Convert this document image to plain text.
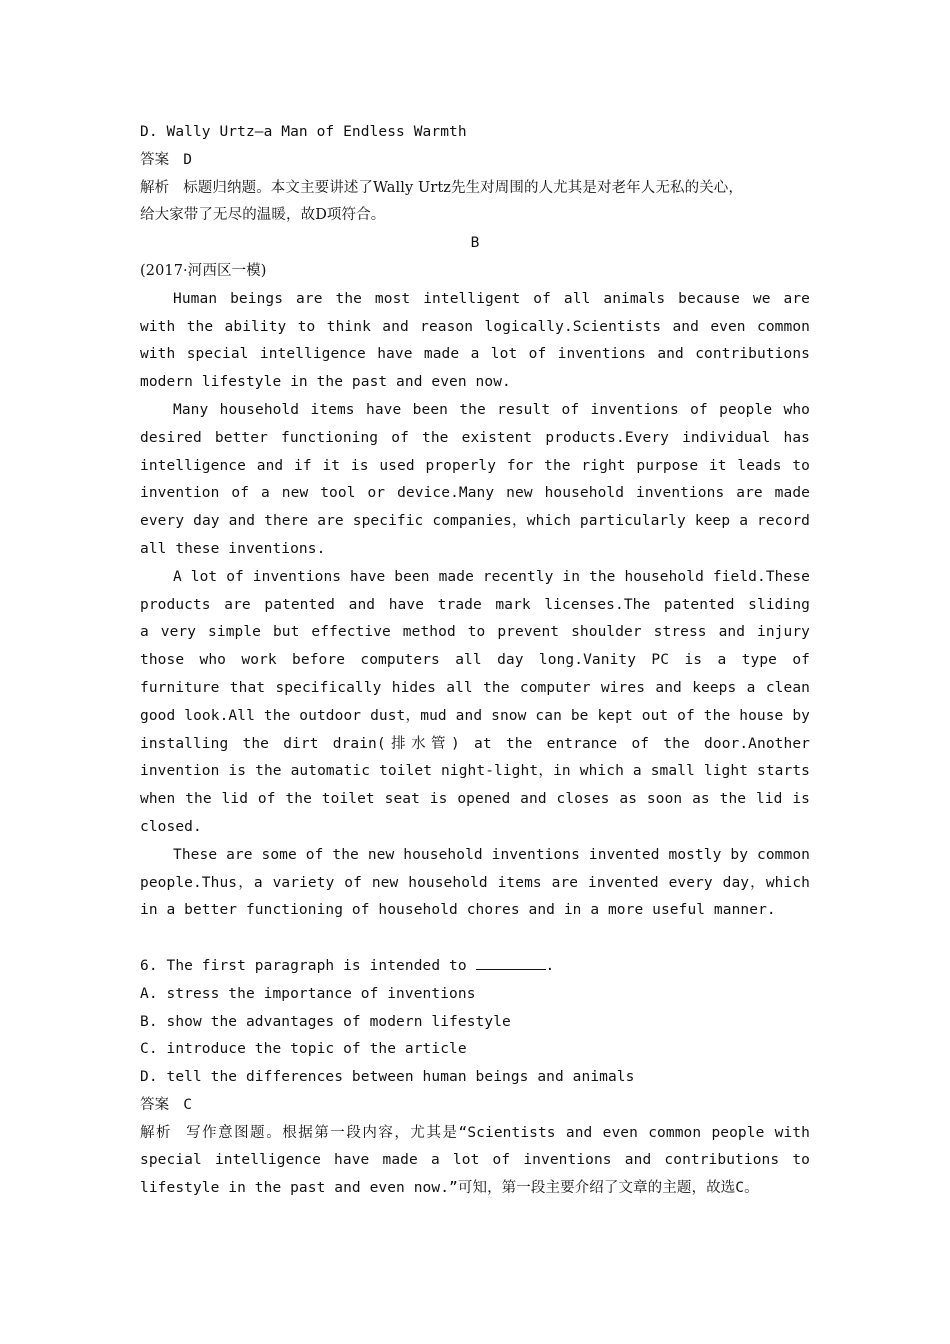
D. Wally Urtz—a Man of Endless Warmth
答案 D
解析 标题归纳题。本文主要讲述了Wally Urtz先生对周围的人尤其是对老年人无私的关心，
给大家带了无尽的温暖，故D项符合。
B
(2017·河西区一模)
Human beings are the most intelligent of all animals because we are
with the ability to think and reason logically.Scientists and even common
with special intelligence have made a lot of inventions and contributions
modern lifestyle in the past and even now.
Many household items have been the result of inventions of people who
desired better functioning of the existent products.Every individual has
intelligence and if it is used properly for the right purpose it leads to
invention of a new tool or device.Many new household inventions are made
every day and there are specific companies，which particularly keep a record
all these inventions.
A lot of inventions have been made recently in the household field.These
products are patented and have trade mark licenses.The patented sliding
a very simple but effective method to prevent shoulder stress and injury
those who work before computers all day long.Vanity PC is a type of
furniture that specifically hides all the computer wires and keeps a clean
good look.All the outdoor dust，mud and snow can be kept out of the house by
installing the dirt drain(排水管) at the entrance of the door.Another
invention is the automatic toilet night-light，in which a small light starts
when the lid of the toilet seat is opened and closes as soon as the lid is
closed.
These are some of the new household inventions invented mostly by common
people.Thus，a variety of new household items are invented every day，which
in a better functioning of household chores and in a more useful manner.
6. The first paragraph is intended to	.
A. stress the importance of inventions
B. show the advantages of modern lifestyle
C. introduce the topic of the article
D. tell the differences between human beings and animals
答案 C
解析 写作意图题。根据第一段内容，尤其是“Scientists and even common people with
special intelligence have made a lot of inventions and contributions to
lifestyle in the past and even now.”可知，第一段主要介绍了文章的主题，故选C。
